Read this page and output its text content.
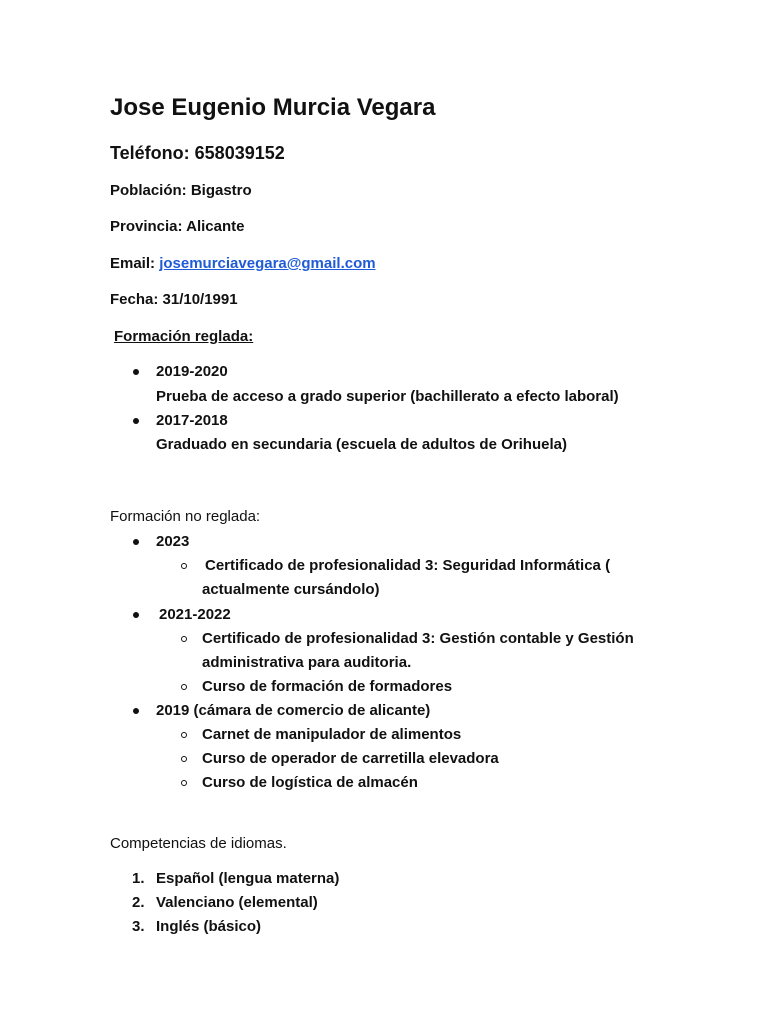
Jose Eugenio Murcia Vegara
Teléfono: 658039152
Población: Bigastro
Provincia: Alicante
Email: josemurciavegara@gmail.com
Fecha: 31/10/1991
Formación reglada:
2019-2020
Prueba de acceso a grado superior (bachillerato a efecto laboral)
2017-2018
Graduado en secundaria (escuela de adultos de Orihuela)
Formación no reglada:
2023
Certificado de profesionalidad 3: Seguridad Informática (
actualmente cursándolo)
2021-2022
Certificado de profesionalidad 3: Gestión contable y Gestión
administrativa para auditoria.
Curso de formación de formadores
2019 (cámara de comercio de alicante)
Carnet de manipulador de alimentos
Curso de operador de carretilla elevadora
Curso de logística de almacén
Competencias de idiomas.
1. Español (lengua materna)
2. Valenciano (elemental)
3. Inglés (básico)
